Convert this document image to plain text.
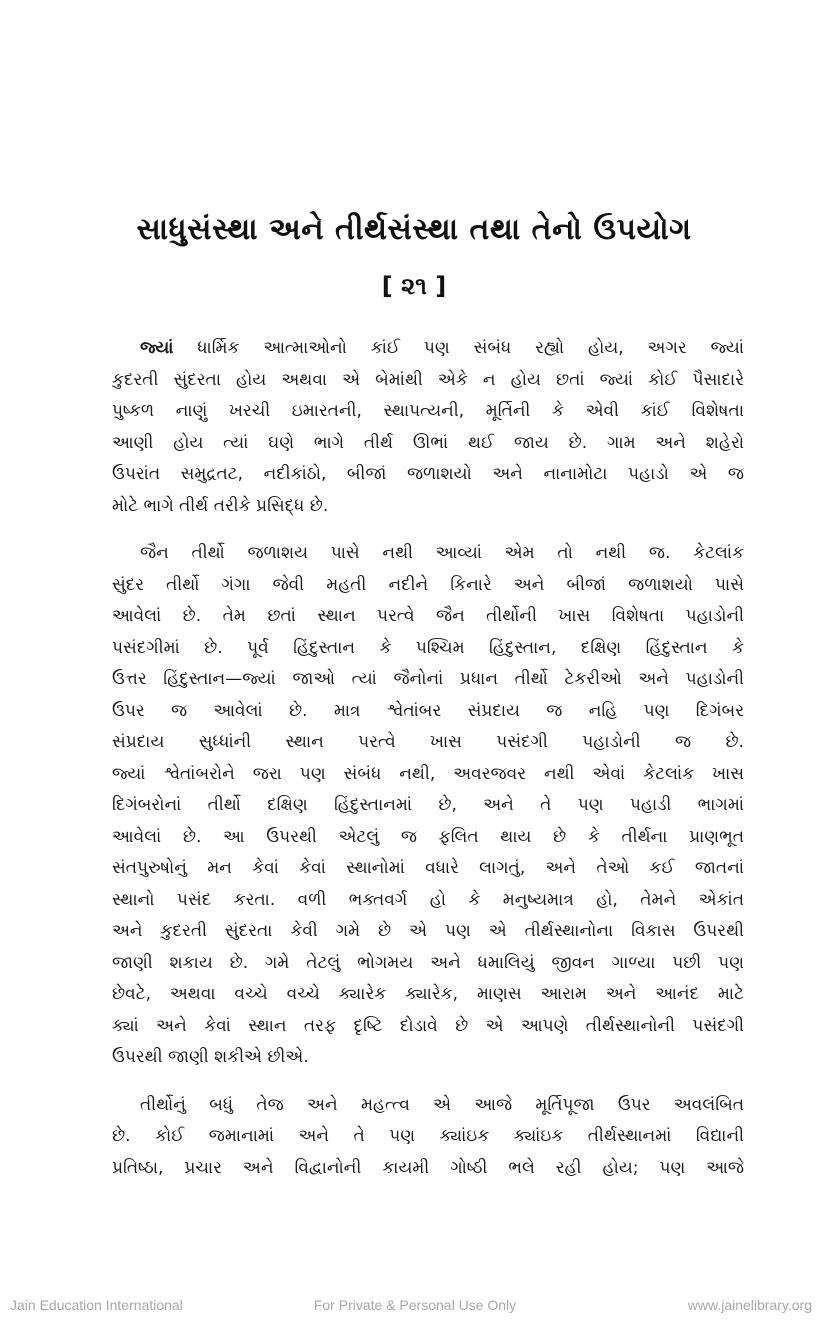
સાધુસંસ્થા અને તીર્થસંસ્થા તથા તેનો ઉપયોગ
[ ૨૧ ]

જ્યાં ધાર્મિક આત્માઓનો કાંઈ પણ સંબંધ રહ્યો હોય, અગર જ્યાં
કુદરતી સુંદરતા હોય અથવા એ બેમાંથી એકે ન હોય છતાં જ્યાં કોઈ પૈસાદારે
પુષ્કળ નાણું ખરચી ઇમારતની, સ્થાપત્યની, મૂર્તિની કે એવી કાંઈ વિશેષતા
આણી હોય ત્યાં ઘણે ભાગે તીર્થ ઊભાં થઈ જાય છે. ગામ અને શહેરો
ઉપરાંત સમુદ્રતટ, નદીકાંઠો, બીજાં જળાશયો અને નાનામોટા પહાડો એ જ
મોટે ભાગે તીર્થ તરીકે પ્રસિદ્ધ છે.

જૈન તીર્થો જળાશય પાસે નથી આવ્યાં એમ તો નથી જ. કેટલાંક
સુંદર તીર્થો ગંગા જેવી મહતી નદીને કિનારે અને બીજાં જળાશયો પાસે
આવેલાં છે. તેમ છતાં સ્થાન પરત્વે જૈન તીર્થોની ખાસ વિશેષતા પહાડોની
પસંદગીમાં છે. પૂર્વ હિંદુસ્તાન કે પશ્ચિમ હિંદુસ્તાન, દક્ષિણ હિંદુસ્તાન કે
ઉત્તર હિંદુસ્તાન—જ્યાં જાઓ ત્યાં જૈનોનાં પ્રધાન તીર્થો ટેકરીઓ અને પહાડોની
ઉપર જ આવેલાં છે. માત્ર શ્વેતાંબર સંપ્રદાય જ નહિ પણ દિગંબર
સંપ્રદાય સુધ્ધાંની સ્થાન પરત્વે ખાસ પસંદગી પહાડોની જ છે.
જ્યાં શ્વેતાંબરોને જરા પણ સંબંધ નથી, અવરજવર નથી એવાં કેટલાંક ખાસ
દિગંબરોનાં તીર્થો દક્ષિણ હિંદુસ્તાનમાં છે, અને તે પણ પહાડી ભાગમાં
આવેલાં છે. આ ઉપરથી એટલું જ ફલિત થાય છે કે તીર્થના પ્રાણભૂત
સંતપુરુષોનું મન કેવાં કેવાં સ્થાનોમાં વધારે લાગતું, અને તેઓ કઈ જાતનાં
સ્થાનો પસંદ કરતા. વળી ભક્તવર્ગ હો કે મનુષ્યમાત્ર હો, તેમને એકાંત
અને કુદરતી સુંદરતા કેવી ગમે છે એ પણ એ તીર્થસ્થાનોના વિકાસ ઉપરથી
જાણી શકાય છે. ગમે તેટલું ભોગમય અને ધમાલિયું જીવન ગાળ્યા પછી પણ
છેવટે, અથવા વચ્ચે વચ્ચે ક્યારેક ક્યારેક, માણસ આરામ અને આનંદ માટે
ક્યાં અને કેવાં સ્થાન તરફ દૃષ્ટિ દોડાવે છે એ આપણે તીર્થસ્થાનોની પસંદગી
ઉપરથી જાણી શકીએ છીએ.

તીર્થોનું બધું તેજ અને મહત્ત્વ એ આજે મૂર્તિપૂજા ઉપર અવલંબિત
છે. કોઈ જમાનામાં અને તે પણ ક્યાંઇક ક્યાંઇક તીર્થસ્થાનમાં વિદ્યાની
પ્રતિષ્ઠા, પ્રચાર અને વિદ્વાનોની કાયમી ગોષ્ઠી ભલે રહી હોય; પણ આજે

Jain Education International	For Private & Personal Use Only	www.jainelibrary.org
